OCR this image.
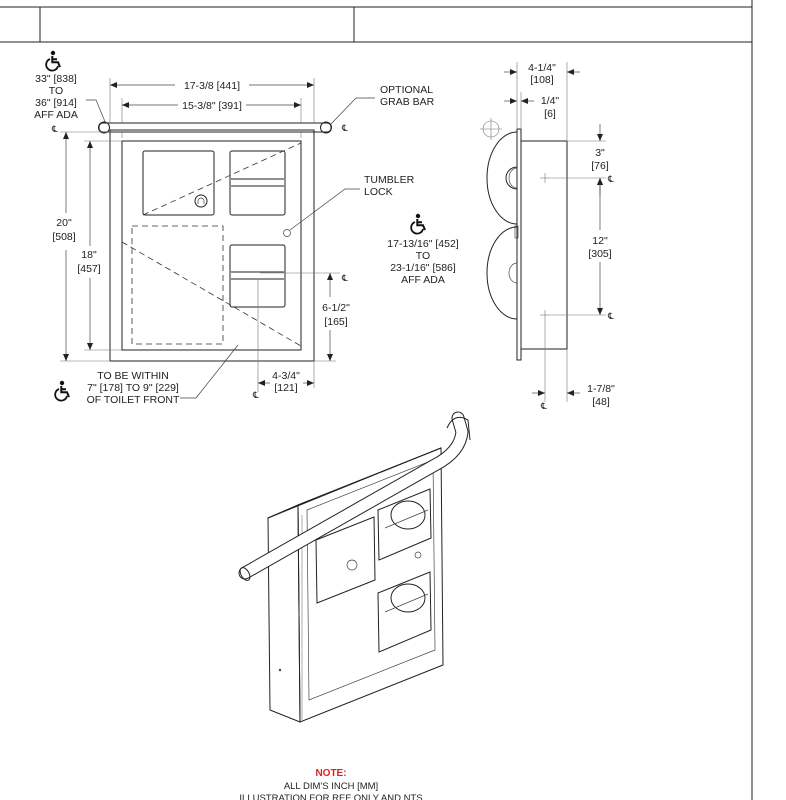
33" [838]
TO
36" [914]
AFF ADA
℄
17-3/8 [441]
15-3/8" [391]
℄
OPTIONAL
GRAB BAR
TUMBLER
LOCK
20"
[508]
18"
[457]
17-13/16" [452]
TO
23-1/16" [586]
AFF ADA
℄
6-1/2"
[165]
4-3/4"
[121]
℄
TO BE WITHIN
7" [178] TO 9" [229]
OF TOILET FRONT
4-1/4"
[108]
1/4"
[6]
3"
[76]
℄
12"
[305]
℄
℄
1-7/8"
[48]
NOTE:
ALL DIM'S INCH [MM]
ILLUSTRATION FOR REF ONLY AND NTS
